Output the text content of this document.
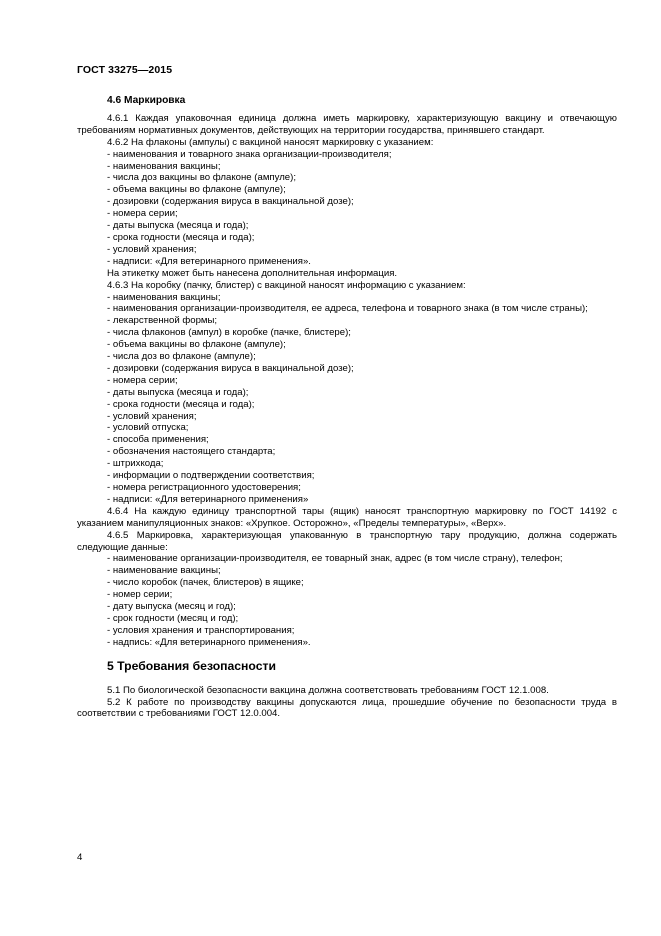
ГОСТ 33275—2015
4.6 Маркировка
4.6.1 Каждая упаковочная единица должна иметь маркировку, характеризующую вакцину и отвечающую требованиям нормативных документов, действующих на территории государства, принявшего стандарт.
4.6.2 На флаконы (ампулы) с вакциной наносят маркировку с указанием:
- наименования и товарного знака организации-производителя;
- наименования вакцины;
- числа доз вакцины во флаконе (ампуле);
- объема вакцины во флаконе (ампуле);
- дозировки (содержания вируса в вакцинальной дозе);
- номера серии;
- даты выпуска (месяца и года);
- срока годности (месяца и года);
- условий хранения;
- надписи: «Для ветеринарного применения».
На этикетку может быть нанесена дополнительная информация.
4.6.3 На коробку (пачку, блистер) с вакциной наносят информацию с указанием:
- наименования вакцины;
- наименования организации-производителя, ее адреса, телефона и товарного знака (в том числе страны);
- лекарственной формы;
- числа флаконов (ампул) в коробке (пачке, блистере);
- объема вакцины во флаконе (ампуле);
- числа доз во флаконе (ампуле);
- дозировки (содержания вируса в вакцинальной дозе);
- номера серии;
- даты выпуска (месяца и года);
- срока годности (месяца и года);
- условий хранения;
- условий отпуска;
- способа применения;
- обозначения настоящего стандарта;
- штрихкода;
- информации о подтверждении соответствия;
- номера регистрационного удостоверения;
- надписи: «Для ветеринарного применения»
4.6.4 На каждую единицу транспортной тары (ящик) наносят транспортную маркировку по ГОСТ 14192 с указанием манипуляционных знаков: «Хрупкое. Осторожно», «Пределы температуры», «Верх».
4.6.5 Маркировка, характеризующая упакованную в транспортную тару продукцию, должна содержать следующие данные:
- наименование организации-производителя, ее товарный знак, адрес (в том числе страну), телефон;
- наименование вакцины;
- число коробок (пачек, блистеров) в ящике;
- номер серии;
- дату выпуска (месяц и год);
- срок годности (месяц и год);
- условия хранения и транспортирования;
- надпись: «Для ветеринарного применения».
5 Требования безопасности
5.1 По биологической безопасности вакцина должна соответствовать требованиям ГОСТ 12.1.008.
5.2 К работе по производству вакцины допускаются лица, прошедшие обучение по безопасности труда в соответствии с требованиями ГОСТ 12.0.004.
4
